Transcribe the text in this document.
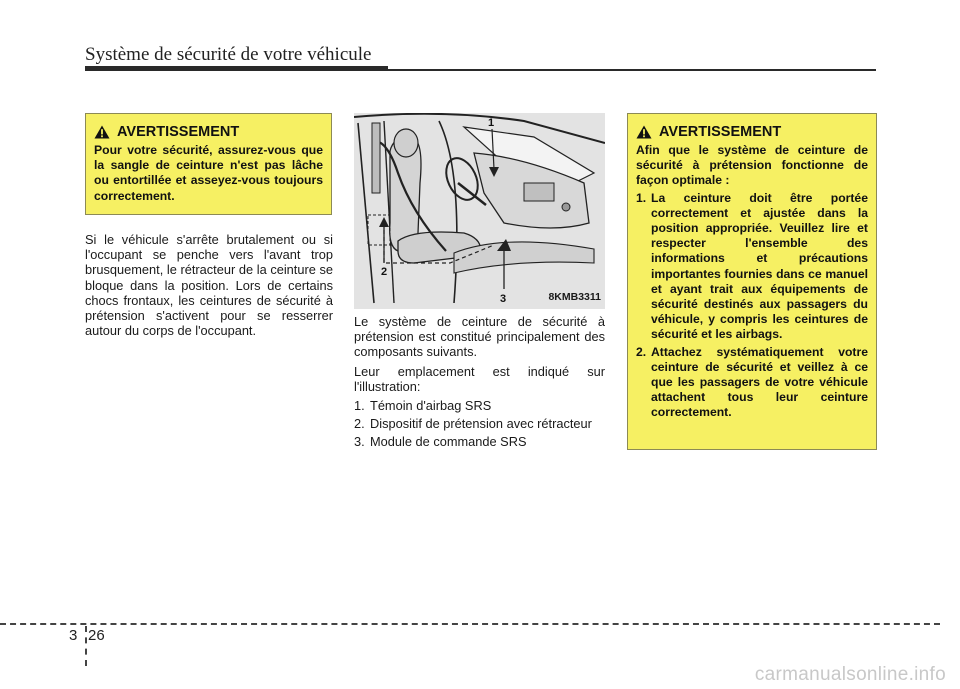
Système de sécurité de votre véhicule
AVERTISSEMENT
Pour votre sécurité, assurez-vous que la sangle de ceinture n'est pas lâche ou entortillée et asseyez-vous toujours correctement.

Si le véhicule s'arrête brutalement ou si l'occupant se penche vers l'avant trop brusquement, le rétracteur de la ceinture se bloque dans la position. Lors de certains chocs frontaux, les ceintures de sécurité à prétension s'activent pour se resserrer autour du corps de l'occupant.

1
2
3	8KMB3311

Le système de ceinture de sécurité à prétension est constitué principalement des composants suivants.

Leur emplacement est indiqué sur l'illustration:

1. Témoin d'airbag SRS
2. Dispositif de prétension avec rétracteur
3. Module de commande SRS
AVERTISSEMENT
Afin que le système de ceinture de sécurité à prétension fonctionne de façon optimale :
1. La ceinture doit être portée correctement et ajustée dans la position appropriée. Veuillez lire et respecter l'ensemble des informations et précautions importantes fournies dans ce manuel et ayant trait aux équipements de sécurité destinés aux passagers du véhicule, y compris les ceintures de sécurité et les airbags.
2. Attachez systématiquement votre ceinture de sécurité et veillez à ce que les passagers de votre véhicule attachent tous leur ceinture correctement.
3 26
carmanualsonline.info
